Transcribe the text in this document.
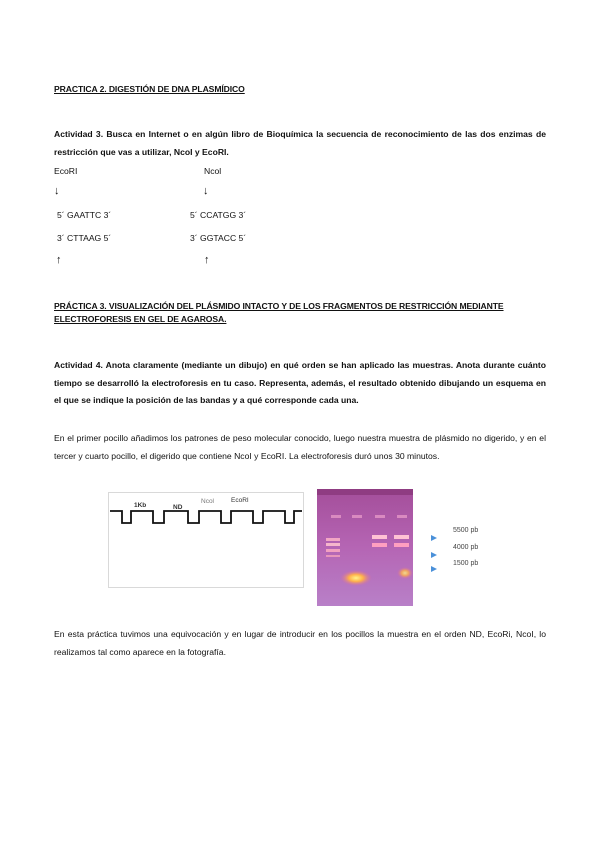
PRACTICA 2. DIGESTIÓN DE DNA PLASMÍDICO
Actividad 3. Busca en Internet o en algún libro de Bioquímica la secuencia de reconocimiento de las dos enzimas de restricción que vas a utilizar, NcoI y EcoRI.
EcoRI
↓
5´ GAATTC 3´
3´ CTTAAG 5´
↑
Ncol
↓
5´ CCATGG 3´
3´ GGTACC 5´
↑
PRÁCTICA 3. VISUALIZACIÓN DEL PLÁSMIDO INTACTO Y DE LOS FRAGMENTOS DE RESTRICCIÓN MEDIANTE
ELECTROFORESIS EN GEL DE AGAROSA.
Actividad 4. Anota claramente (mediante un dibujo) en qué orden se han aplicado las muestras. Anota durante cuánto tiempo se desarrolló la electroforesis en tu caso. Representa, además, el resultado obtenido dibujando un esquema en el que se indique la posición de las bandas y a qué corresponde cada una.
En el primer pocillo añadimos los patrones de peso molecular conocido, luego nuestra muestra de plásmido no digerido, y en el tercer y cuarto pocillo, el digerido que contiene NcoI y EcoRI. La electroforesis duró unos 30 minutos.
1Kb	ND
Ncol	EcoRI
5500 pb
4000 pb
1500 pb
En esta práctica tuvimos una equivocación y en lugar de introducir en los pocillos la muestra en el orden ND, EcoRi, NcoI, lo realizamos tal como aparece en la fotografía.
